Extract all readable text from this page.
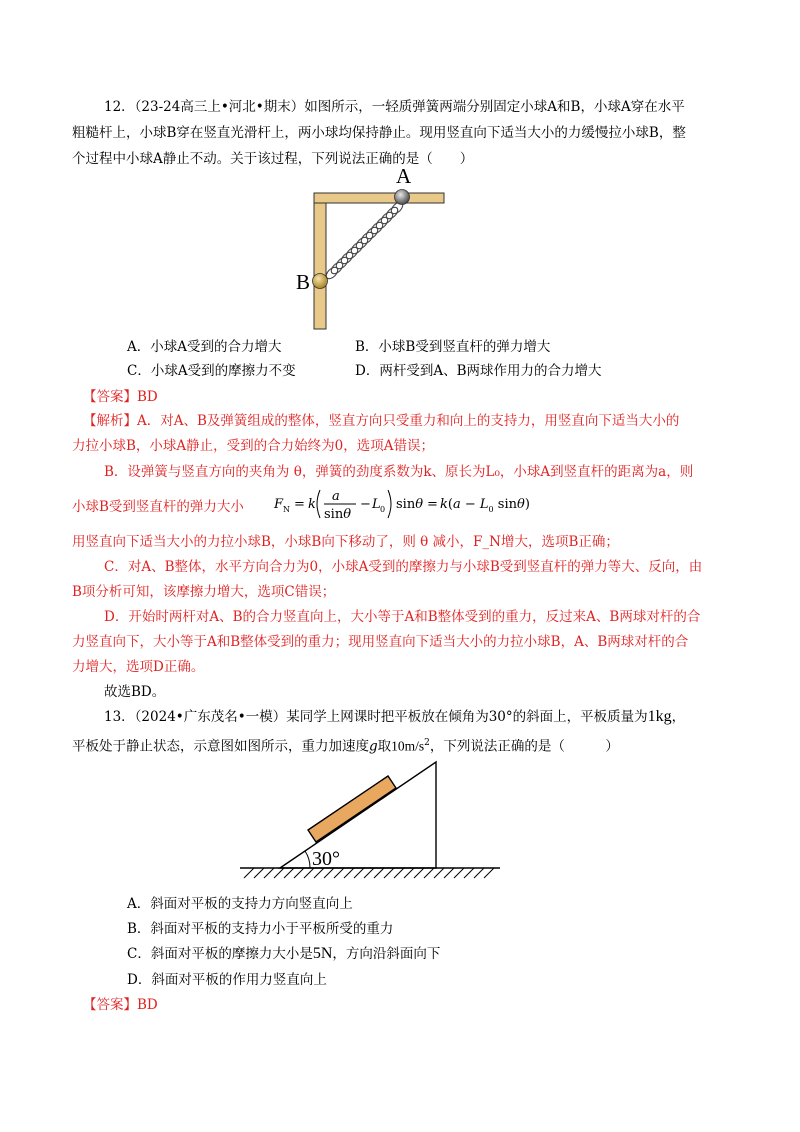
12．（23-24高三上•河北•期末）如图所示，一轻质弹簧两端分别固定小球A和B，小球A穿在水平
粗糙杆上，小球B穿在竖直光滑杆上，两小球均保持静止。现用竖直向下适当大小的力缓慢拉小球B，整
个过程中小球A静止不动。关于该过程，下列说法正确的是（　　）
A
B
A．小球A受到的合力增大	B．小球B受到竖直杆的弹力增大
C．小球A受到的摩擦力不变	D．两杆受到A、B两球作用力的合力增大
【答案】BD
【解析】A．对A、B及弹簧组成的整体，竖直方向只受重力和向上的支持力，用竖直向下适当大小的
力拉小球B，小球A静止，受到的合力始终为0，选项A错误；
B．设弹簧与竖直方向的夹角为 θ，弹簧的劲度系数为k、原长为L₀，小球A到竖直杆的距离为a，则
小球B受到竖直杆的弹力大小 F N = k
a
sinθ
− L 0 $\sin\theta = k(a - L_0$ sinθ)
用竖直向下适当大小的力拉小球B，小球B向下移动了，则 θ 减小，F_N增大，选项B正确；
C．对A、B整体，水平方向合力为0，小球A受到的摩擦力与小球B受到竖直杆的弹力等大、反向，由
B项分析可知，该摩擦力增大，选项C错误；
D．开始时两杆对A、B的合力竖直向上，大小等于A和B整体受到的重力，反过来A、B两球对杆的合
力竖直向下，大小等于A和B整体受到的重力；现用竖直向下适当大小的力拉小球B，A、B两球对杆的合
力增大，选项D正确。
故选BD。
13．（2024•广东茂名•一模）某同学上网课时把平板放在倾角为30°的斜面上，平板质量为1kg，
平板处于静止状态，示意图如图所示，重力加速度g取$10m/s^2$，下列说法正确的是（　　　）
30°
A．斜面对平板的支持力方向竖直向上
B．斜面对平板的支持力小于平板所受的重力
C．斜面对平板的摩擦力大小是5N，方向沿斜面向下
D．斜面对平板的作用力竖直向上
【答案】BD
